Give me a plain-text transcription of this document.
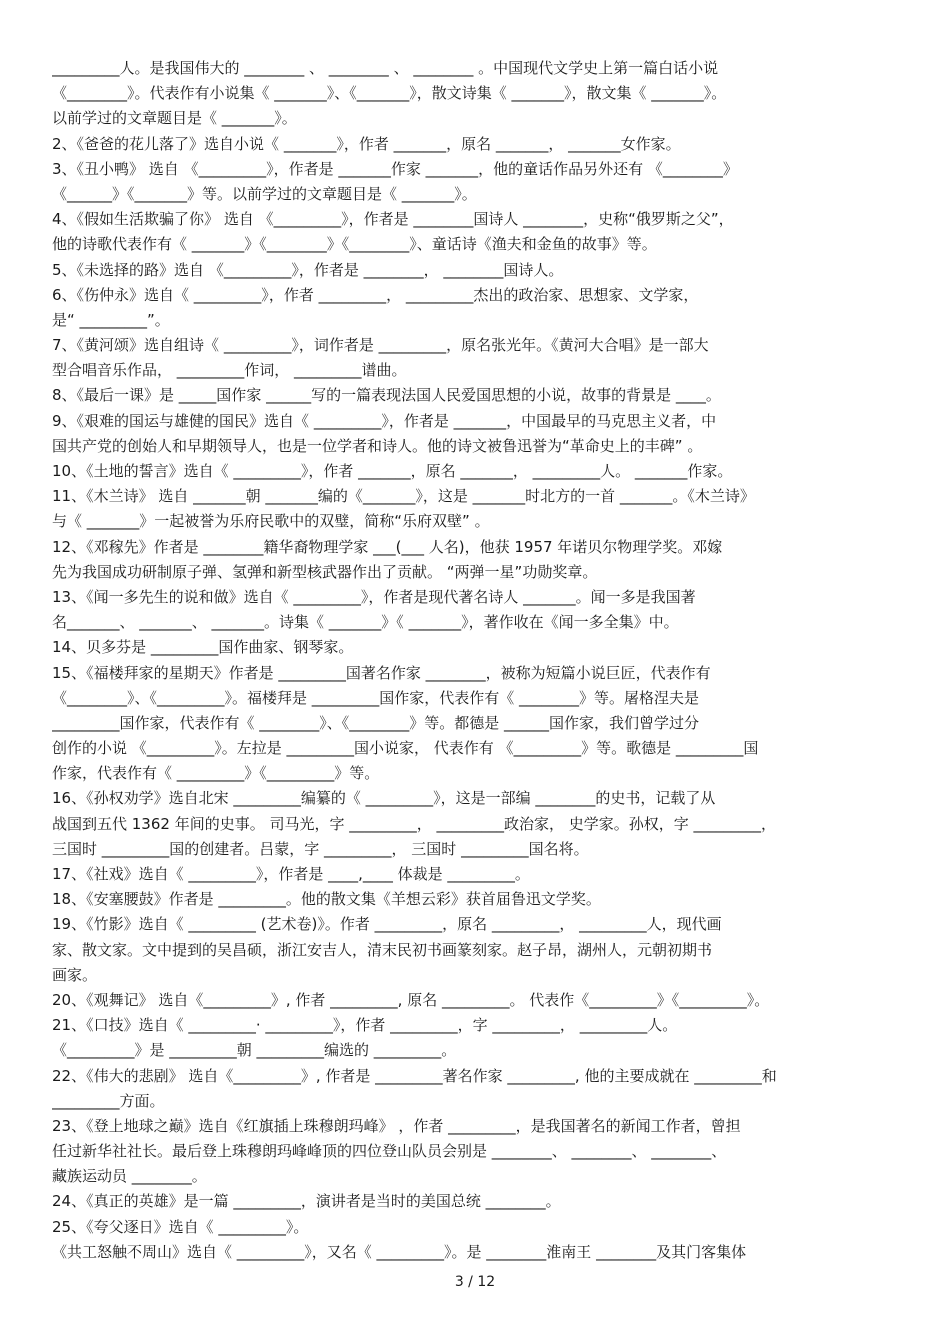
_________人。是我国伟大的 ________ 、 ________ 、 ________ 。中国现代文学史上第一篇白话小说
《________》。代表作有小说集《 _______》、《_______》，散文诗集《 _______》，散文集《 _______》。
以前学过的文章题目是《 _______》。
2、《爸爸的花儿落了》选自小说《 _______》，作者 _______，原名 _______， _______女作家。
3、《丑小鸭》 选自 《_________》，作者是 _______作家 _______，他的童话作品另外还有 《________》
《______》《_______》等。以前学过的文章题目是《 _______》。
4、《假如生活欺骗了你》 选自 《_________》，作者是 ________国诗人 ________，史称“俄罗斯之父”，
他的诗歌代表作有《 _______》《________》《________》、童话诗《渔夫和金鱼的故事》等。
5、《未选择的路》选自 《_________》，作者是 ________， ________国诗人。
6、《伤仲永》选自《 _________》，作者 _________， _________杰出的政治家、思想家、文学家，
是“ _________”。
7、《黄河颂》选自组诗《 _________》，词作者是 _________，原名张光年。《黄河大合唱》是一部大
型合唱音乐作品， _________作词， _________谱曲。
8、《最后一课》是 _____国作家 ______写的一篇表现法国人民爱国思想的小说，故事的背景是 ____。
9、《艰难的国运与雄健的国民》选自《 _________》，作者是 _______，中国最早的马克思主义者，中
国共产党的创始人和早期领导人，也是一位学者和诗人。他的诗文被鲁迅誉为“革命史上的丰碑” 。
10、《土地的誓言》选自《 _________》，作者 _______，原名 _______， _________人。 _______作家。
11、《木兰诗》 选自 _______朝 _______编的《_______》，这是 _______时北方的一首 _______。《木兰诗》
与《 _______》一起被誉为乐府民歌中的双璧，简称“乐府双壁” 。
12、《邓稼先》作者是 ________籍华裔物理学家 ___(___ 人名)，他获 1957 年诺贝尔物理学奖。邓嫁
先为我国成功研制原子弹、氢弹和新型核武器作出了贡献。 “两弹一星”功勋奖章。
13、《闻一多先生的说和做》选自《 _________》，作者是现代著名诗人 _______。闻一多是我国著
名_______、 _______、 _______。诗集《 _______》《 _______》，著作收在《闻一多全集》中。
14、贝多芬是 _________国作曲家、钢琴家。
15、《福楼拜家的星期天》作者是 _________国著名作家 ________，被称为短篇小说巨匠，代表作有
《________》、《_________》。福楼拜是 _________国作家，代表作有《 ________》等。屠格涅夫是
_________国作家，代表作有《 ________》、《________》等。都德是 ______国作家，我们曾学过分
创作的小说 《_________》。左拉是 _________国小说家， 代表作有 《_________》等。歌德是 _________国
作家，代表作有《 _________》《_________》等。
16、《孙权劝学》选自北宋 _________编纂的《 _________》，这是一部编 ________的史书，记载了从
战国到五代 1362 年间的史事。 司马光，字 _________， _________政治家， 史学家。孙权，字 _________，
三国时 _________国的创建者。吕蒙，字 _________， 三国时 _________国名将。
17、《社戏》选自《 _________》，作者是 ____,____ 体裁是 _________。
18、《安塞腰鼓》作者是 _________。他的散文集《羊想云彩》获首届鲁迅文学奖。
19、《竹影》选自《 _________ (艺术卷)》。作者 _________，原名 _________， _________人，现代画
家、散文家。文中提到的吴昌硕，浙江安吉人，清末民初书画篆刻家。赵子昂，湖州人，元朝初期书
画家。
20、《观舞记》 选自《_________》, 作者 _________, 原名 _________。 代表作《_________》《_________》。
21、《口技》选自《 _________· _________》，作者 _________，字 _________， _________人。
《_________》是 _________朝 _________编选的 _________。
22、《伟大的悲剧》 选自《_________》, 作者是 _________著名作家 _________, 他的主要成就在 _________和
_________方面。
23、《登上地球之巅》选自《红旗插上珠穆朗玛峰》 ，作者 _________，是我国著名的新闻工作者，曾担
任过新华社社长。最后登上珠穆朗玛峰峰顶的四位登山队员会别是 ________、 ________、 ________、
藏族运动员 ________。
24、《真正的英雄》是一篇 _________，演讲者是当时的美国总统 ________。
25、《夸父逐日》选自《 _________》。
《共工怒触不周山》选自《 _________》，又名《 _________》。是 ________淮南王 ________及其门客集体
3 / 12
